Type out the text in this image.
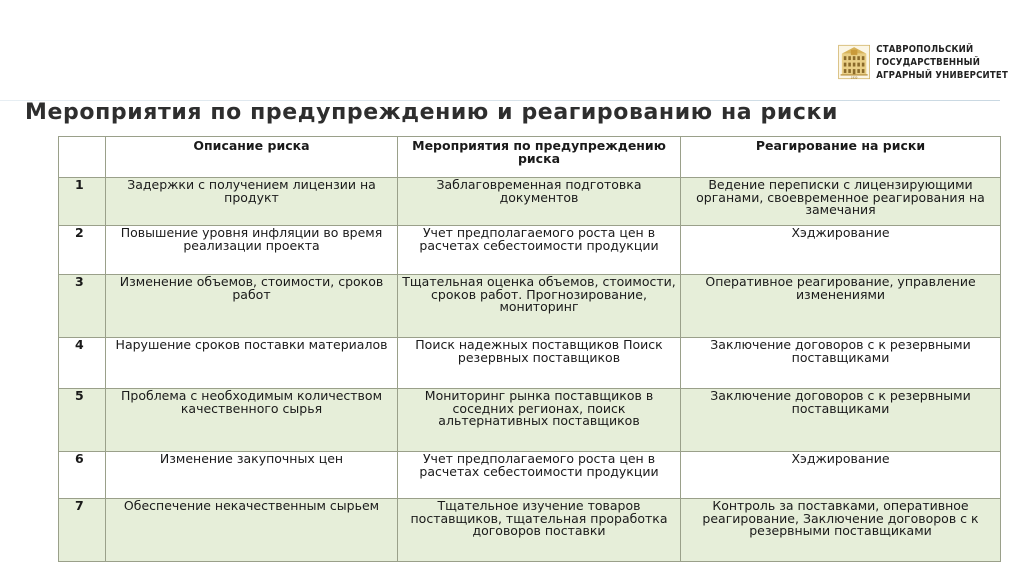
1930
СТАВРОПОЛЬСКИЙ
ГОСУДАРСТВЕННЫЙ
АГРАРНЫЙ УНИВЕРСИТЕТ
Мероприятия по предупреждению и реагированию на риски
	Описание риска	Мероприятия по предупреждению риска	Реагирование на риски
1	Задержки с получением лицензии на продукт	Заблаговременная подготовка документов	Ведение переписки с лицензирующими органами, своевременное реагирования на замечания
2	Повышение уровня инфляции во время реализации проекта	Учет предполагаемого роста цен в расчетах себестоимости продукции	Хэджирование
3	Изменение объемов, стоимости, сроков работ	Тщательная оценка объемов, стоимости, сроков работ. Прогнозирование, мониторинг	Оперативное реагирование, управление изменениями
4	Нарушение сроков поставки материалов	Поиск надежных поставщиков Поиск резервных поставщиков	Заключение договоров с к резервными поставщиками
5	Проблема с необходимым количеством качественного сырья	Мониторинг рынка поставщиков в соседних регионах, поиск альтернативных поставщиков	Заключение договоров с к резервными поставщиками
6	Изменение закупочных цен	Учет предполагаемого роста цен в расчетах себестоимости продукции	Хэджирование
7	Обеспечение некачественным сырьем	Тщательное изучение товаров поставщиков, тщательная проработка договоров поставки	Контроль за поставками, оперативное реагирование, Заключение договоров с к резервными поставщиками
